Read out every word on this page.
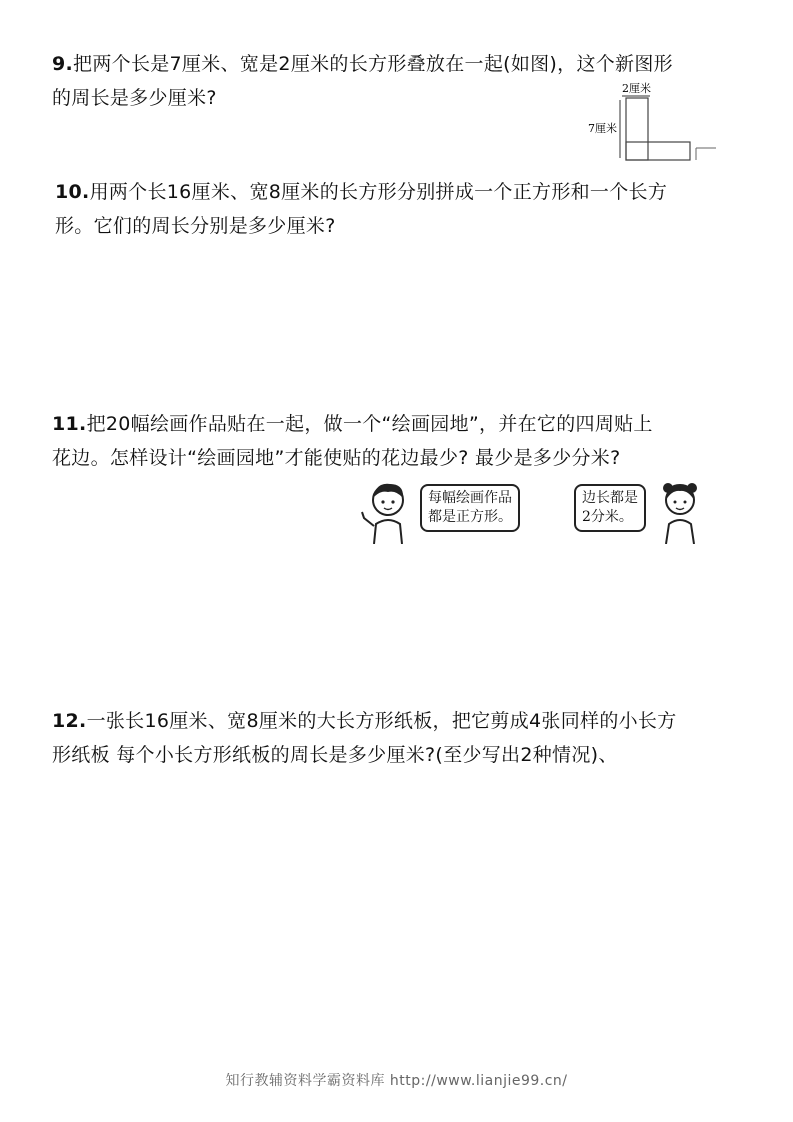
9.把两个长是7厘米、宽是2厘米的长方形叠放在一起(如图)，这个新图形
的周长是多少厘米?	2厘米
7厘米
10.用两个长16厘米、宽8厘米的长方形分别拼成一个正方形和一个长方
形。它们的周长分别是多少厘米?
11.把20幅绘画作品贴在一起，做一个“绘画园地”，并在它的四周贴上
花边。怎样设计“绘画园地”才能使贴的花边最少? 最少是多少分米?
每幅绘画作品
都是正方形。
边长都是
2分米。
12.一张长16厘米、宽8厘米的大长方形纸板，把它剪成4张同样的小长方
形纸板 每个小长方形纸板的周长是多少厘米?(至少写出2种情况)、
知行教辅资料学霸资料库 http://www.lianjie99.cn/
